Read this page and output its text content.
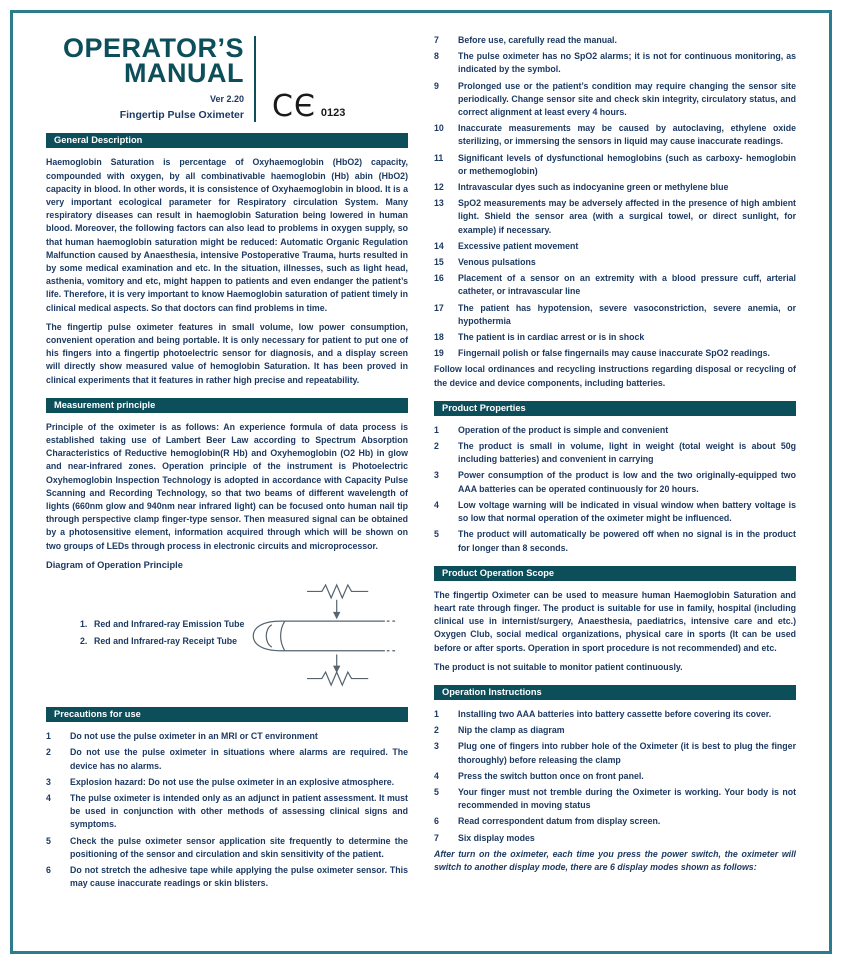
OPERATOR’S
MANUAL
Ver 2.20
Fingertip Pulse Oximeter CЄ 0123
General Description

Haemoglobin Saturation is percentage of Oxyhaemoglobin (HbO2) capacity, compounded with oxygen, by all combinativable haemoglobin (Hb) abin (HbO2) capacity in blood. In other words, it is consistence of Oxyhaemoglobin in blood. It is a very important ecological parameter for Respiratory circulation System. Many respiratory diseases can result in haemoglobin Saturation being lowered in human blood. Moreover, the following factors can also lead to problems in oxygen supply, so that human haemoglobin saturation might be reduced: Automatic Organic Regulation Malfunction caused by Anaesthesia, intensive Postoperative Trauma, hurts resulted in by some medical examination and etc. In the situation, illnesses, such as light head, asthenia, vomitory and etc, might happen to patients and even endanger the patient’s life. Therefore, it is very important to know Haemoglobin saturation of patient timely in clinical medical aspects. So that doctors can find problems in time.

The fingertip pulse oximeter features in small volume, low power consumption, convenient operation and being portable. It is only necessary for patient to put one of his fingers into a fingertip photoelectric sensor for diagnosis, and a display screen will directly show measured value of hemoglobin Saturation. It has been proved in clinical experiments that it features in rather high precise and repeatability.

Measurement principle

Principle of the oximeter is as follows: An experience formula of data process is established taking use of Lambert Beer Law according to Spectrum Absorption Characteristics of Reductive hemoglobin(R Hb) and Oxyhemoglobin (O2 Hb) in glow and near-infrared zones. Operation principle of the instrument is Photoelectric Oxyhemoglobin Inspection Technology is adopted in accordance with Capacity Pulse Scanning and Recording Technology, so that two beams of different wavelength of lights (660nm glow and 940nm near infrared light) can be focused onto human nail tip through perspective clamp finger-type sensor. Then measured signal can be obtained by a photosensitive element, information acquired through which will be shown on two groups of LEDs through process in electronic circuits and microprocessor.

Diagram of Operation Principle
1. Red and Infrared-ray Emission Tube
2. Red and Infrared-ray Receipt Tube
Precautions for use
1	Do not use the pulse oximeter in an MRI or CT environment
2	Do not use the pulse oximeter in situations where alarms are required. The device has no alarms.
3	Explosion hazard: Do not use the pulse oximeter in an explosive atmosphere.
4	The pulse oximeter is intended only as an adjunct in patient assessment. It must be used in conjunction with other methods of assessing clinical signs and symptoms.
5	Check the pulse oximeter sensor application site frequently to determine the positioning of the sensor and circulation and skin sensitivity of the patient.
6	Do not stretch the adhesive tape while applying the pulse oximeter sensor. This may cause inaccurate readings or skin blisters.
7	Before use, carefully read the manual.
8	The pulse oximeter has no SpO2 alarms; it is not for continuous monitoring, as indicated by the symbol.
9	Prolonged use or the patient’s condition may require changing the sensor site periodically. Change sensor site and check skin integrity, circulatory status, and correct alignment at least every 4 hours.
10	Inaccurate measurements may be caused by autoclaving, ethylene oxide sterilizing, or immersing the sensors in liquid may cause inaccurate readings.
11	Significant levels of dysfunctional hemoglobins (such as carboxy- hemoglobin or methemoglobin)
12	Intravascular dyes such as indocyanine green or methylene blue
13	SpO2 measurements may be adversely affected in the presence of high ambient light. Shield the sensor area (with a surgical towel, or direct sunlight, for example) if necessary.
14	Excessive patient movement
15	Venous pulsations
16	Placement of a sensor on an extremity with a blood pressure cuff, arterial catheter, or intravascular line
17	The patient has hypotension, severe vasoconstriction, severe anemia, or hypothermia
18	The patient is in cardiac arrest or is in shock
19	Fingernail polish or false fingernails may cause inaccurate SpO2 readings.

Follow local ordinances and recycling instructions regarding disposal or recycling of the device and device components, including batteries.

Product Properties
1	Operation of the product is simple and convenient
2	The product is small in volume, light in weight (total weight is about 50g including batteries) and convenient in carrying
3	Power consumption of the product is low and the two originally-equipped two AAA batteries can be operated continuously for 20 hours.
4	Low voltage warning will be indicated in visual window when battery voltage is so low that normal operation of the oximeter might be influenced.
5	The product will automatically be powered off when no signal is in the product for longer than 8 seconds.
Product Operation Scope

The fingertip Oximeter can be used to measure human Haemoglobin Saturation and heart rate through finger. The product is suitable for use in family, hospital (including clinical use in internist/surgery, Anaesthesia, paediatrics, intensive care and etc.) Oxygen Club, social medical organizations, physical care in sports (It can be used before or after sports. Operation in sport procedure is not recommended) and etc.

The product is not suitable to monitor patient continuously.

Operation Instructions
1	Installing two AAA batteries into battery cassette before covering its cover.
2	Nip the clamp as diagram
3	Plug one of fingers into rubber hole of the Oximeter (it is best to plug the finger thoroughly) before releasing the clamp
4	Press the switch button once on front panel.
5	Your finger must not tremble during the Oximeter is working. Your body is not recommended in moving status
6	Read correspondent datum from display screen.
7	Six display modes

After turn on the oximeter, each time you press the power switch, the oximeter will switch to another display mode, there are 6 display modes shown as follows:
